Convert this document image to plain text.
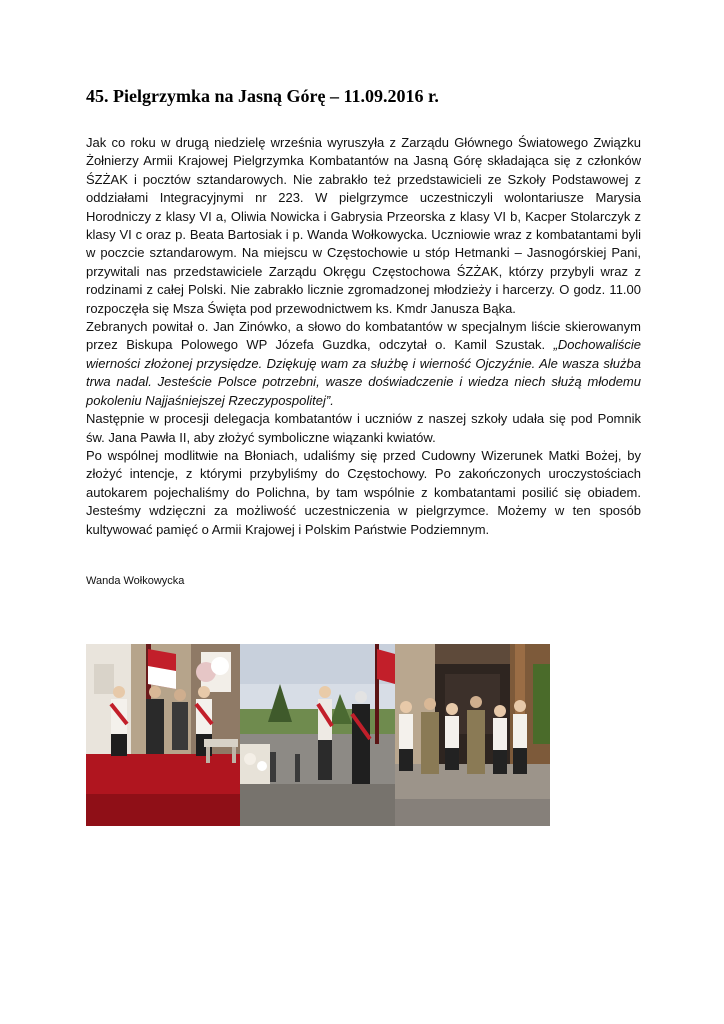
45. Pielgrzymka na Jasną Górę – 11.09.2016 r.

Jak co roku w drugą niedzielę września wyruszyła z Zarządu Głównego Światowego Związku Żołnierzy Armii Krajowej Pielgrzymka Kombatantów na Jasną Górę składająca się z członków ŚZŻAK i pocztów sztandarowych. Nie zabrakło też przedstawicieli ze Szkoły Podstawowej z oddziałami Integracyjnymi nr 223. W pielgrzymce uczestniczyli wolontariusze Marysia Horodniczy z klasy VI a, Oliwia Nowicka i Gabrysia Przeorska z klasy VI b, Kacper Stolarczyk z klasy VI c oraz p. Beata Bartosiak i p. Wanda Wołkowycka. Uczniowie wraz z kombatantami byli w poczcie sztandarowym. Na miejscu w Częstochowie u stóp Hetmanki – Jasnogórskiej Pani, przywitali nas przedstawiciele Zarządu Okręgu Częstochowa ŚZŻAK, którzy przybyli wraz z rodzinami z całej Polski. Nie zabrakło licznie zgromadzonej młodzieży i harcerzy. O godz. 11.00 rozpoczęła się Msza Święta pod przewodnictwem ks. Kmdr Janusza Bąka.

Zebranych powitał o. Jan Zinówko, a słowo do kombatantów w specjalnym liście skierowanym przez Biskupa Polowego WP Józefa Guzdka, odczytał o. Kamil Szustak. „Dochowaliście wierności złożonej przysiędze. Dziękuję wam za służbę i wierność Ojczyźnie. Ale wasza służba trwa nadal. Jesteście Polsce potrzebni, wasze doświadczenie i wiedza niech służą młodemu pokoleniu Najjaśniejszej Rzeczypospolitej”.

Następnie w procesji delegacja kombatantów i uczniów z naszej szkoły udała się pod Pomnik św. Jana Pawła II, aby złożyć symboliczne wiązanki kwiatów.

Po wspólnej modlitwie na Błoniach, udaliśmy się przed Cudowny Wizerunek Matki Bożej, by złożyć intencje, z którymi przybyliśmy do Częstochowy. Po zakończonych uroczystościach autokarem pojechaliśmy do Polichna, by tam wspólnie z kombatantami posilić się obiadem. Jesteśmy wdzięczni za możliwość uczestniczenia w pielgrzymce. Możemy w ten sposób kultywować pamięć o Armii Krajowej i Polskim Państwie Podziemnym.

Wanda Wołkowycka
